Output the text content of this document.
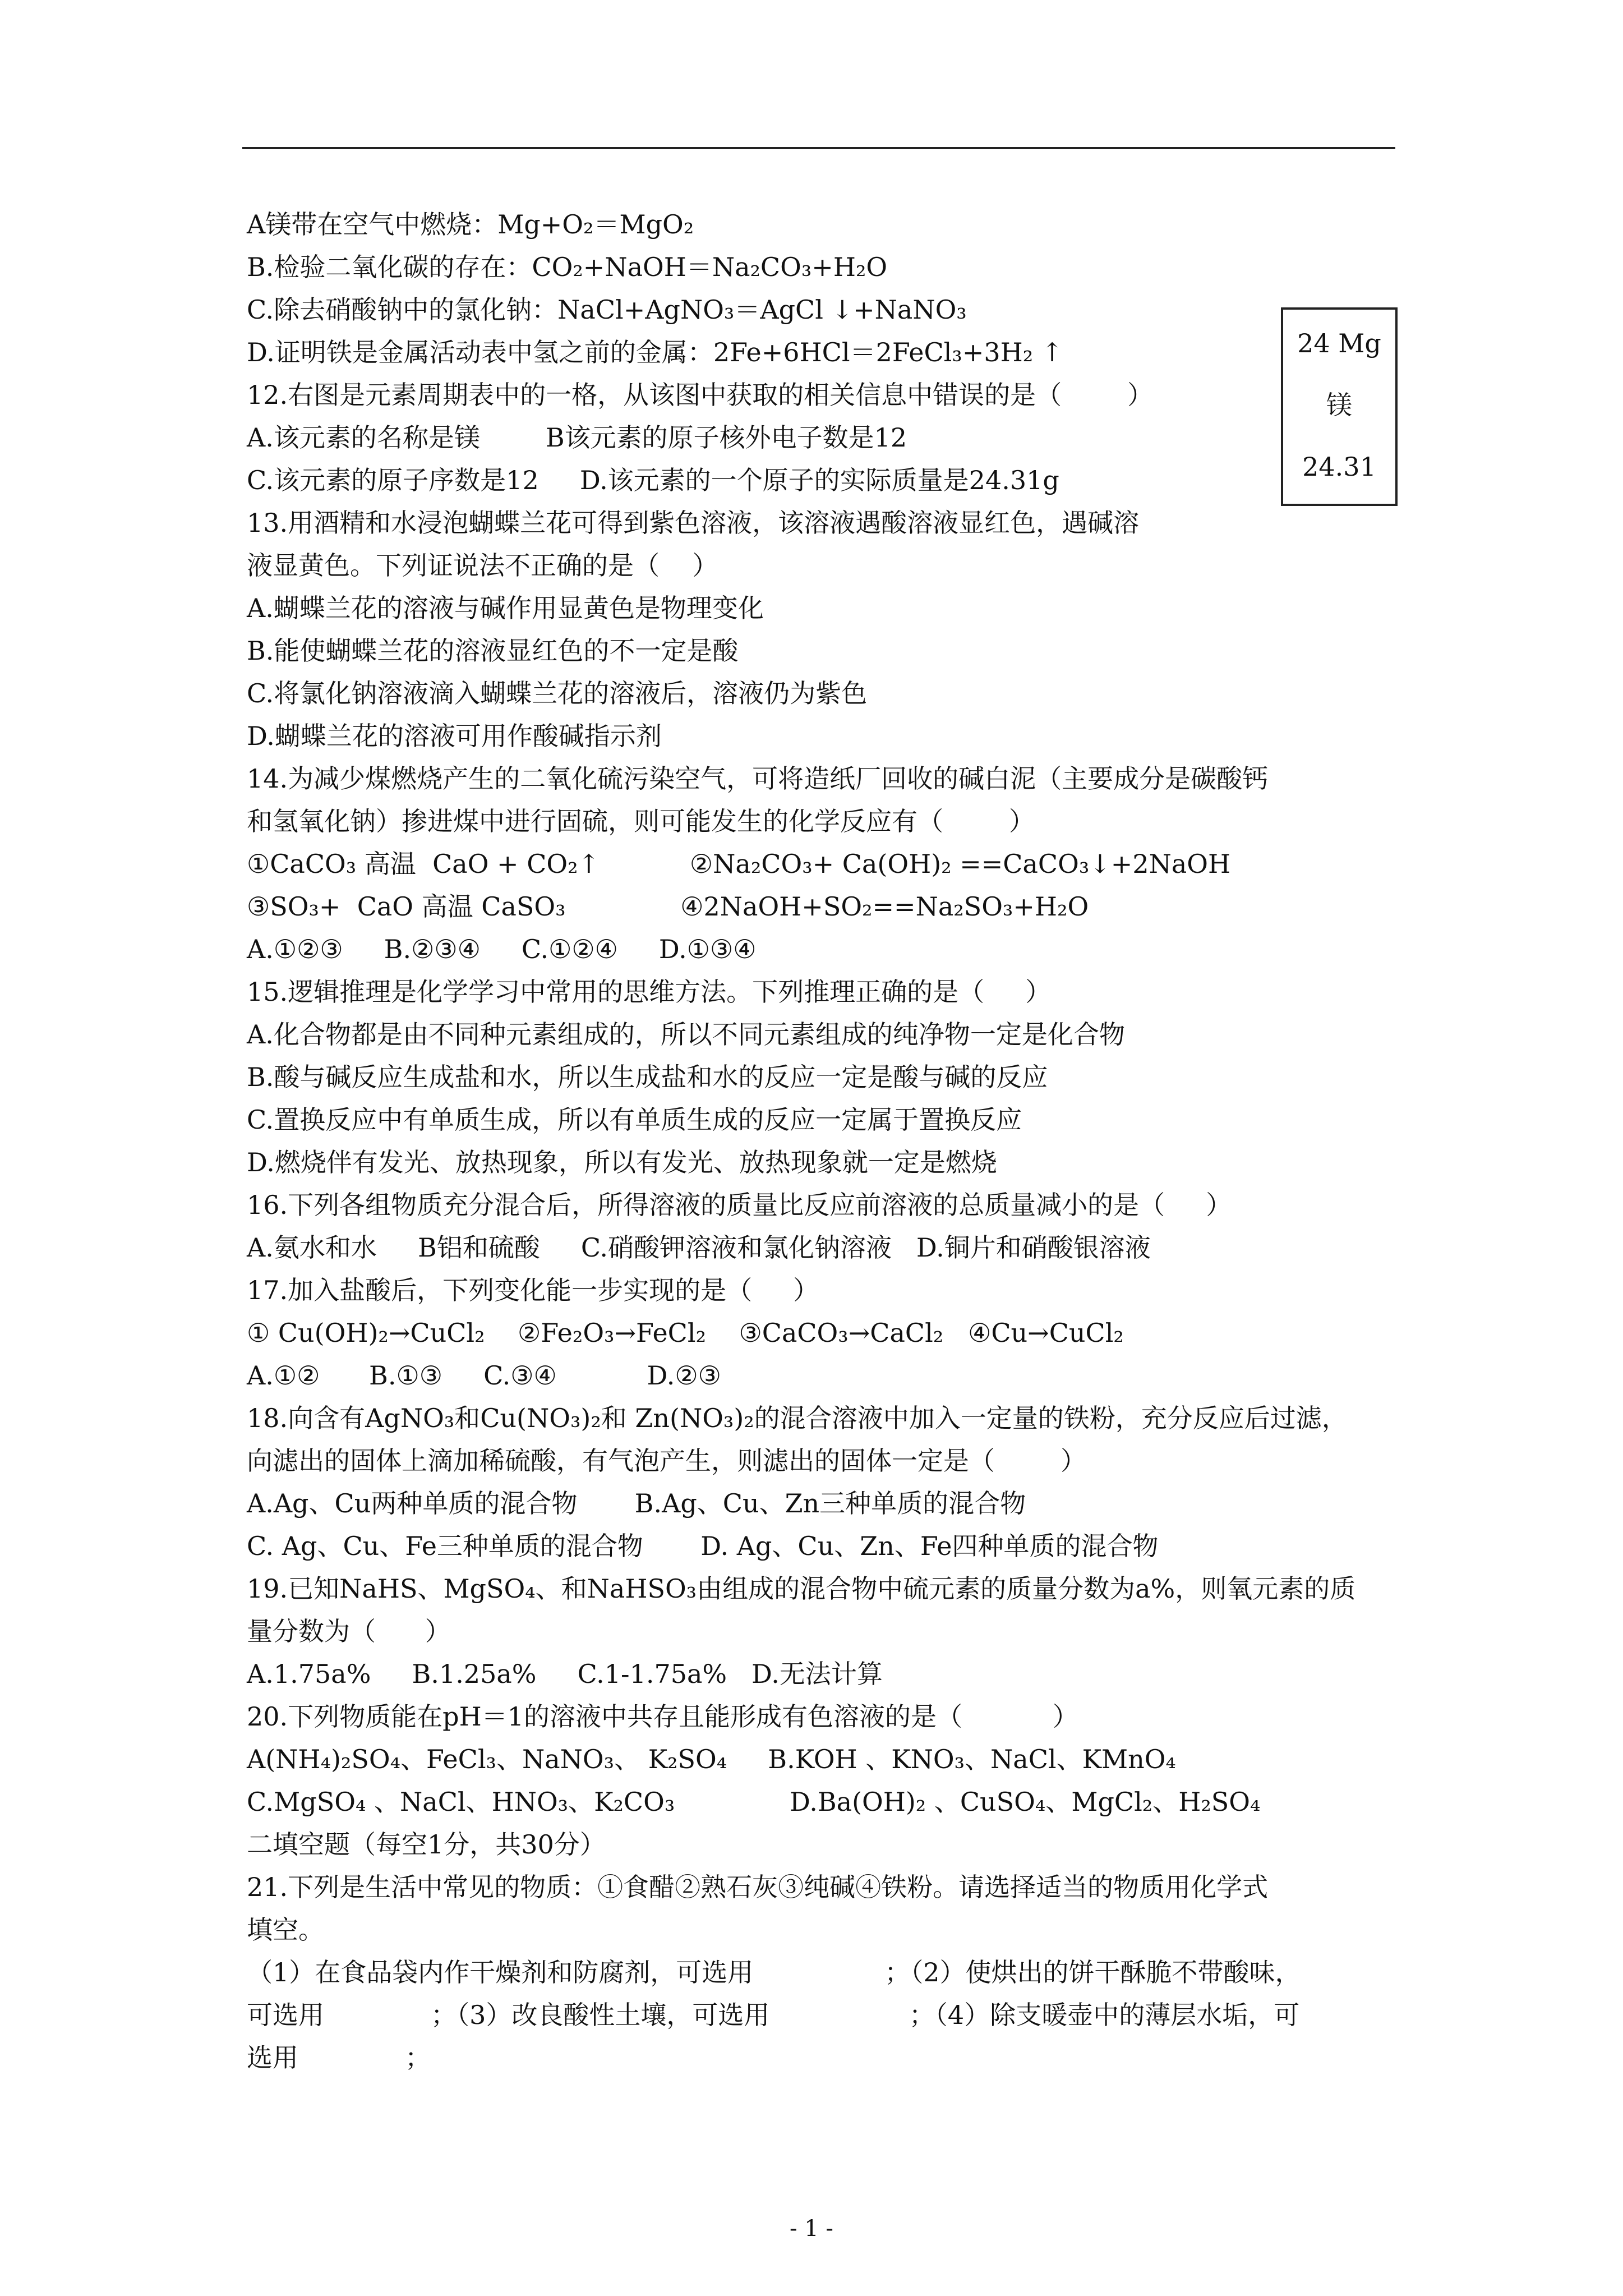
A镁带在空气中燃烧：Mg+O₂＝MgO₂
B.检验二氧化碳的存在：CO₂+NaOH＝Na₂CO₃+H₂O
C.除去硝酸钠中的氯化钠：NaCl+AgNO₃＝AgCl ↓+NaNO₃
D.证明铁是金属活动表中氢之前的金属：2Fe+6HCl＝2FeCl₃+3H₂ ↑
12.右图是元素周期表中的一格，从该图中获取的相关信息中错误的是（        ）
A.该元素的名称是镁        B该元素的原子核外电子数是12
C.该元素的原子序数是12     D.该元素的一个原子的实际质量是24.31g
13.用酒精和水浸泡蝴蝶兰花可得到紫色溶液，该溶液遇酸溶液显红色，遇碱溶
液显黄色。下列证说法不正确的是（    ）
A.蝴蝶兰花的溶液与碱作用显黄色是物理变化
B.能使蝴蝶兰花的溶液显红色的不一定是酸
C.将氯化钠溶液滴入蝴蝶兰花的溶液后，溶液仍为紫色
D.蝴蝶兰花的溶液可用作酸碱指示剂
14.为减少煤燃烧产生的二氧化硫污染空气，可将造纸厂回收的碱白泥（主要成分是碳酸钙
和氢氧化钠）掺进煤中进行固硫，则可能发生的化学反应有（        ）
①CaCO₃ 高温  CaO + CO₂↑           ②Na₂CO₃+ Ca(OH)₂ ==CaCO₃↓+2NaOH
③SO₃+  CaO 高温 CaSO₃              ④2NaOH+SO₂==Na₂SO₃+H₂O
A.①②③     B.②③④     C.①②④     D.①③④
15.逻辑推理是化学学习中常用的思维方法。下列推理正确的是（     ）
A.化合物都是由不同种元素组成的，所以不同元素组成的纯净物一定是化合物
B.酸与碱反应生成盐和水，所以生成盐和水的反应一定是酸与碱的反应
C.置换反应中有单质生成，所以有单质生成的反应一定属于置换反应
D.燃烧伴有发光、放热现象，所以有发光、放热现象就一定是燃烧
16.下列各组物质充分混合后，所得溶液的质量比反应前溶液的总质量减小的是（     ）
A.氨水和水     B铝和硫酸     C.硝酸钾溶液和氯化钠溶液   D.铜片和硝酸银溶液
17.加入盐酸后，下列变化能一步实现的是（     ）
① Cu(OH)₂→CuCl₂    ②Fe₂O₃→FeCl₂    ③CaCO₃→CaCl₂   ④Cu→CuCl₂
A.①②      B.①③     C.③④           D.②③
18.向含有AgNO₃和Cu(NO₃)₂和 Zn(NO₃)₂的混合溶液中加入一定量的铁粉，充分反应后过滤，
向滤出的固体上滴加稀硫酸，有气泡产生，则滤出的固体一定是（        ）
A.Ag、Cu两种单质的混合物       B.Ag、Cu、Zn三种单质的混合物
C. Ag、Cu、Fe三种单质的混合物       D. Ag、Cu、Zn、Fe四种单质的混合物
19.已知NaHS、MgSO₄、和NaHSO₃由组成的混合物中硫元素的质量分数为a%，则氧元素的质
量分数为（      ）
A.1.75a%     B.1.25a%     C.1-1.75a%   D.无法计算
20.下列物质能在pH＝1的溶液中共存且能形成有色溶液的是（           ）
A(NH₄)₂SO₄、FeCl₃、NaNO₃、 K₂SO₄     B.KOH 、KNO₃、NaCl、KMnO₄
C.MgSO₄ 、NaCl、HNO₃、K₂CO₃              D.Ba(OH)₂ 、CuSO₄、MgCl₂、H₂SO₄
二填空题（每空1分，共30分）
21.下列是生活中常见的物质：①食醋②熟石灰③纯碱④铁粉。请选择适当的物质用化学式
填空。
（1）在食品袋内作干燥剂和防腐剂，可选用                ；（2）使烘出的饼干酥脆不带酸味，
可选用             ；（3）改良酸性土壤，可选用                 ；（4）除支暖壶中的薄层水垢，可
选用             ；
24 Mg
镁
24.31
- 1 -
